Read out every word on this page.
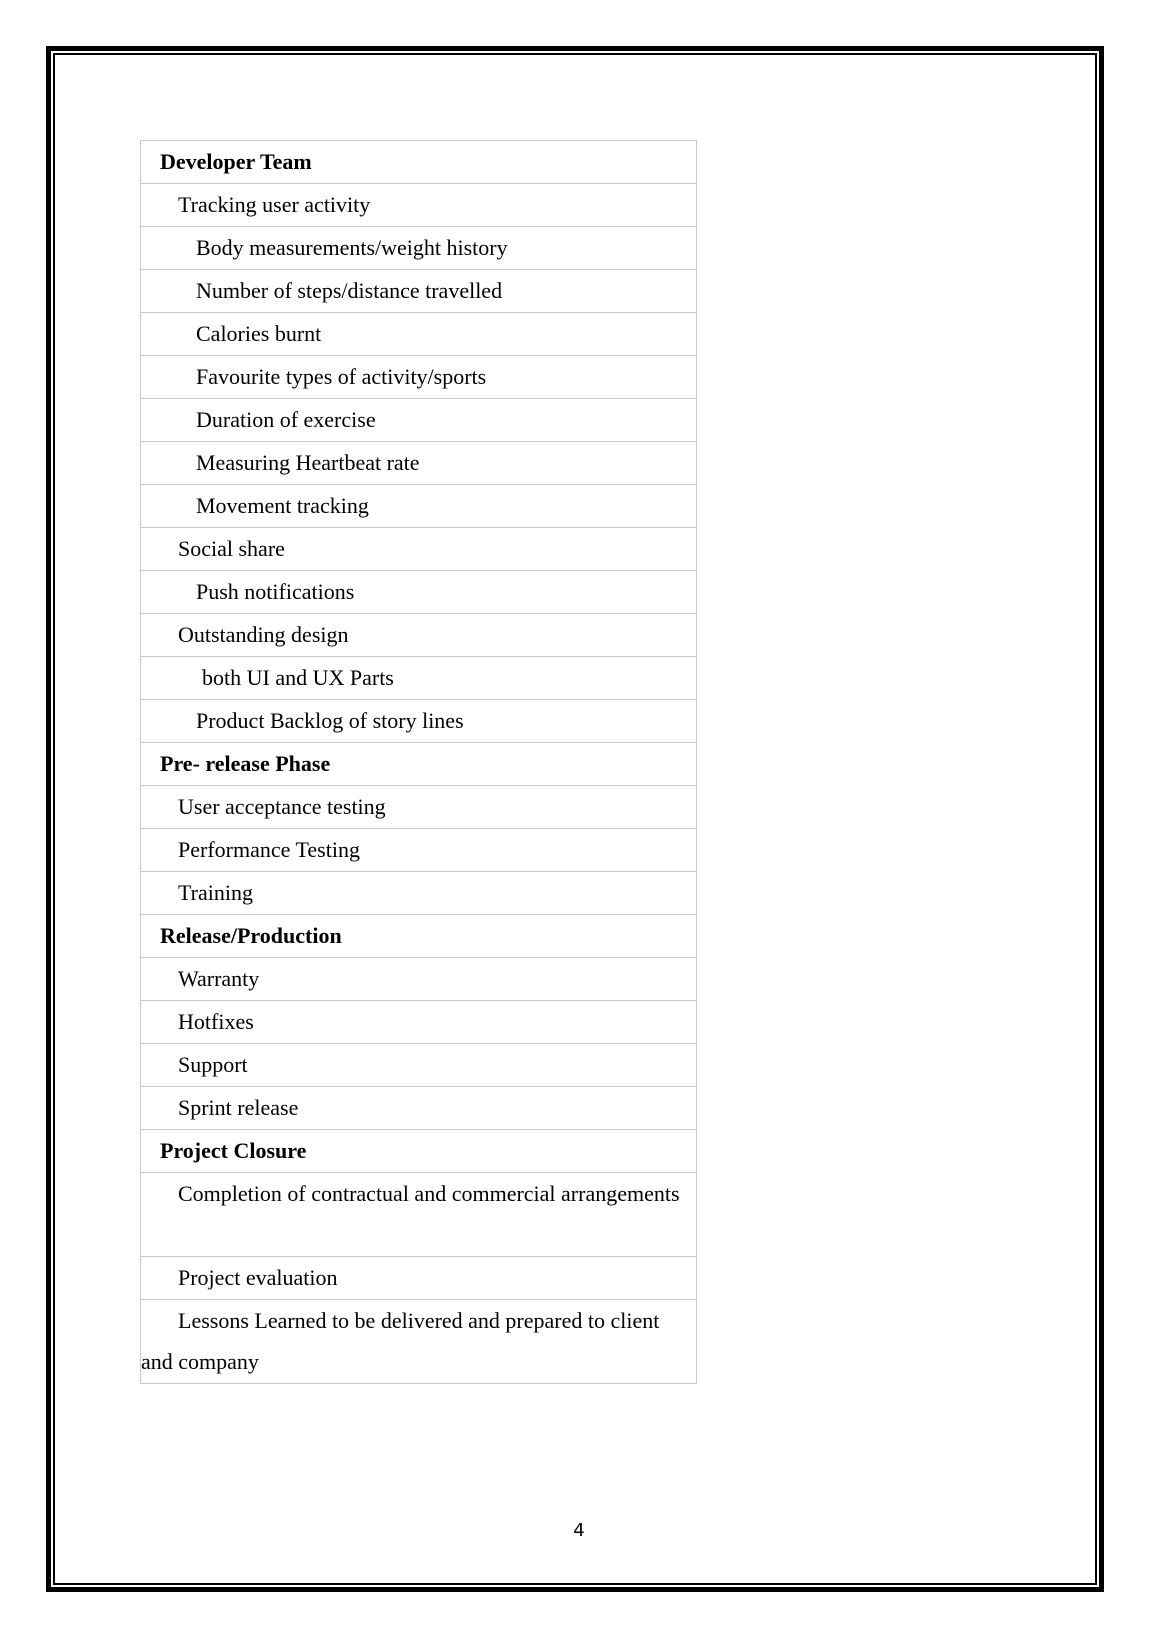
Developer Team

Tracking user activity

Body measurements/weight history

Number of steps/distance travelled

Calories burnt

Favourite types of activity/sports

Duration of exercise

Measuring Heartbeat rate

Movement tracking

Social share

Push notifications

Outstanding design

both UI and UX Parts

Product Backlog of story lines

Pre- release Phase

User acceptance testing

Performance Testing

Training

Release/Production

Warranty

Hotfixes

Support

Sprint release

Project Closure

Completion of contractual and commercial arrangements

Project evaluation

Lessons Learned to be delivered and prepared to client and company
4
